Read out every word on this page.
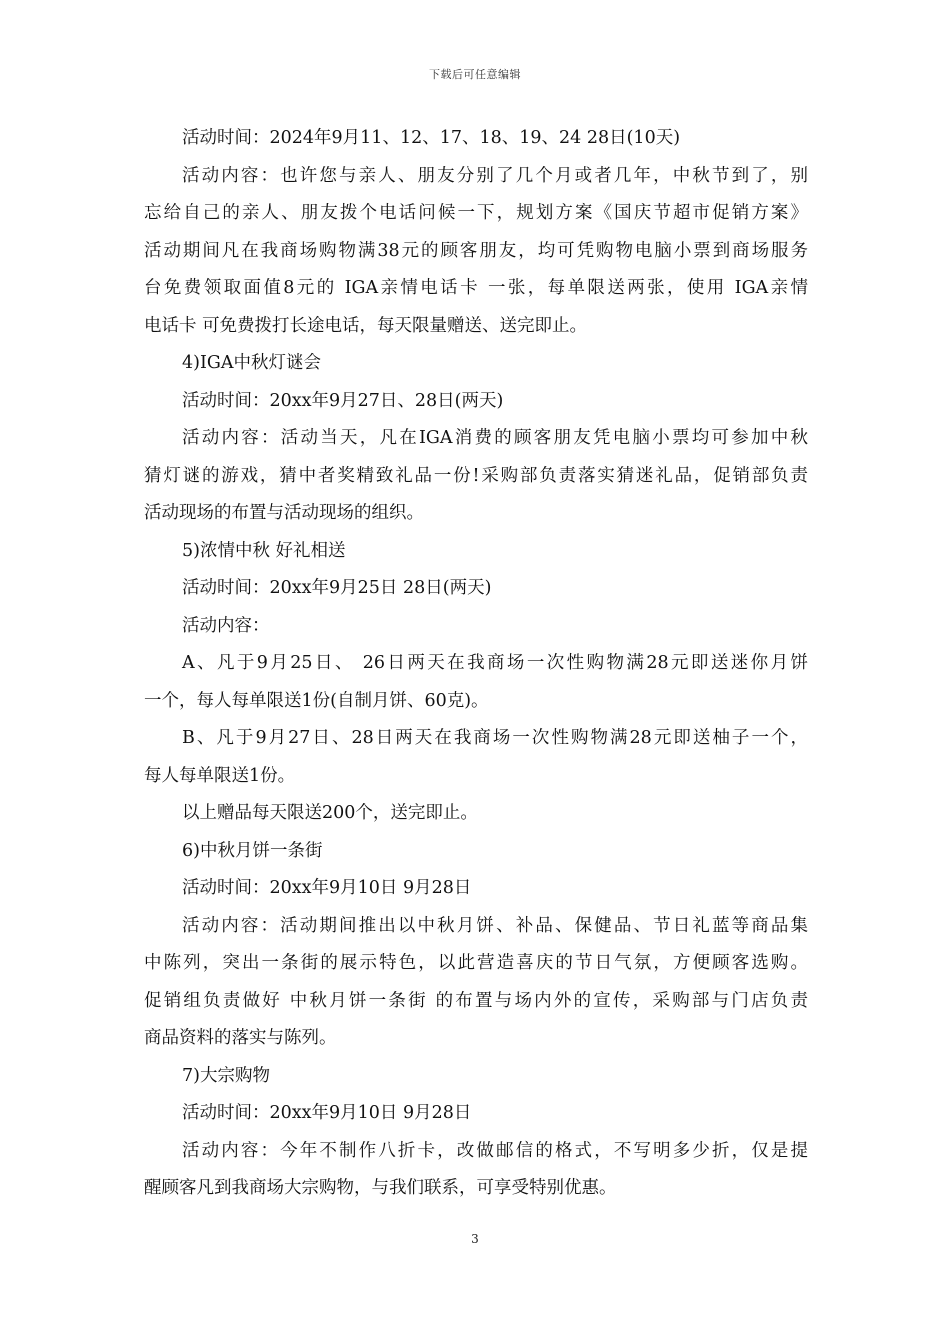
下载后可任意编辑
活动时间：2024年9月11、12、17、18、19、24 28日(10天)
活动内容：也许您与亲人、朋友分别了几个月或者几年，中秋节到了，别
忘给自己的亲人、朋友拨个电话问候一下，规划方案《国庆节超市促销方案》
活动期间凡在我商场购物满38元的顾客朋友，均可凭购物电脑小票到商场服务
台免费领取面值8元的 IGA亲情电话卡 一张，每单限送两张，使用 IGA亲情
电话卡 可免费拨打长途电话，每天限量赠送、送完即止。
4)IGA中秋灯谜会
活动时间：20xx年9月27日、28日(两天)
活动内容：活动当天，凡在IGA消费的顾客朋友凭电脑小票均可参加中秋
猜灯谜的游戏，猜中者奖精致礼品一份!采购部负责落实猜迷礼品，促销部负责
活动现场的布置与活动现场的组织。
5)浓情中秋 好礼相送
活动时间：20xx年9月25日 28日(两天)
活动内容：
A、凡于9月25日、 26日两天在我商场一次性购物满28元即送迷你月饼
一个，每人每单限送1份(自制月饼、60克)。
B、凡于9月27日、28日两天在我商场一次性购物满28元即送柚子一个，
每人每单限送1份。
以上赠品每天限送200个，送完即止。
6)中秋月饼一条街
活动时间：20xx年9月10日 9月28日
活动内容：活动期间推出以中秋月饼、补品、保健品、节日礼蓝等商品集
中陈列，突出一条街的展示特色，以此营造喜庆的节日气氛，方便顾客选购。
促销组负责做好 中秋月饼一条街 的布置与场内外的宣传，采购部与门店负责
商品资料的落实与陈列。
7)大宗购物
活动时间：20xx年9月10日 9月28日
活动内容：今年不制作八折卡，改做邮信的格式，不写明多少折，仅是提
醒顾客凡到我商场大宗购物，与我们联系，可享受特别优惠。
3
